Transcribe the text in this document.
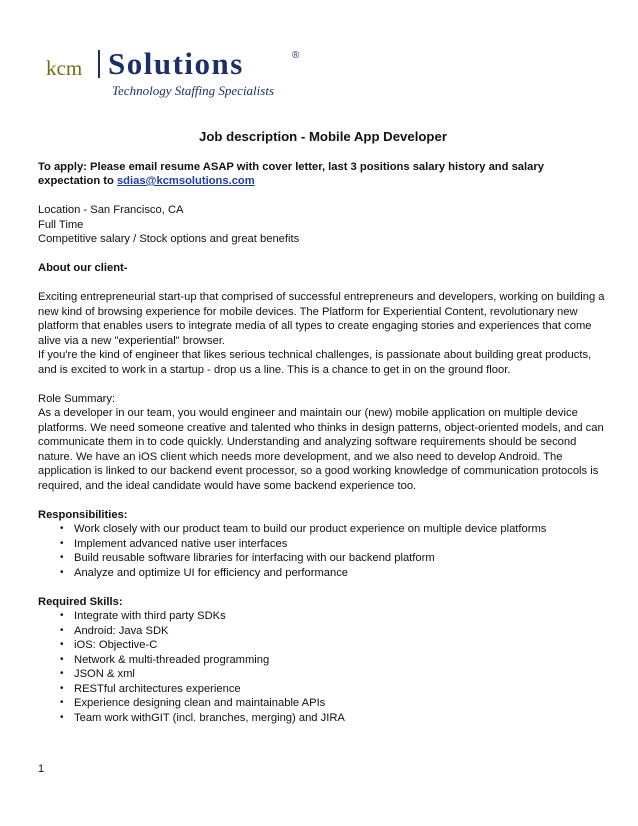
kcm Solutions	®
Technology Staffing Specialists
Job description - Mobile App Developer

To apply: Please email resume ASAP with cover letter, last 3 positions salary history and salary expectation to sdias@kcmsolutions.com

Location - San Francisco, CA

Full Time

Competitive salary / Stock options and great benefits

About our client-

Exciting entrepreneurial start-up that comprised of successful entrepreneurs and developers, working on building a new kind of browsing experience for mobile devices. The Platform for Experiential Content, revolutionary new platform that enables users to integrate media of all types to create engaging stories and experiences that come alive via a new "experiential" browser.

If you're the kind of engineer that likes serious technical challenges, is passionate about building great products, and is excited to work in a startup - drop us a line. This is a chance to get in on the ground floor.

Role Summary:

As a developer in our team, you would engineer and maintain our (new) mobile application on multiple device platforms. We need someone creative and talented who thinks in design patterns, object-oriented models, and can communicate them in to code quickly. Understanding and analyzing software requirements should be second nature. We have an iOS client which needs more development, and we also need to develop Android. The application is linked to our backend event processor, so a good working knowledge of communication protocols is required, and the ideal candidate would have some backend experience too.

Responsibilities:

• Work closely with our product team to build our product experience on multiple device platforms
• Implement advanced native user interfaces
• Build reusable software libraries for interfacing with our backend platform
• Analyze and optimize UI for efficiency and performance

Required Skills:

• Integrate with third party SDKs
• Android: Java SDK
• iOS: Objective-C
• Network & multi-threaded programming
• JSON & xml
• RESTful architectures experience
• Experience designing clean and maintainable APIs
• Team work withGIT (incl. branches, merging) and JIRA
1
